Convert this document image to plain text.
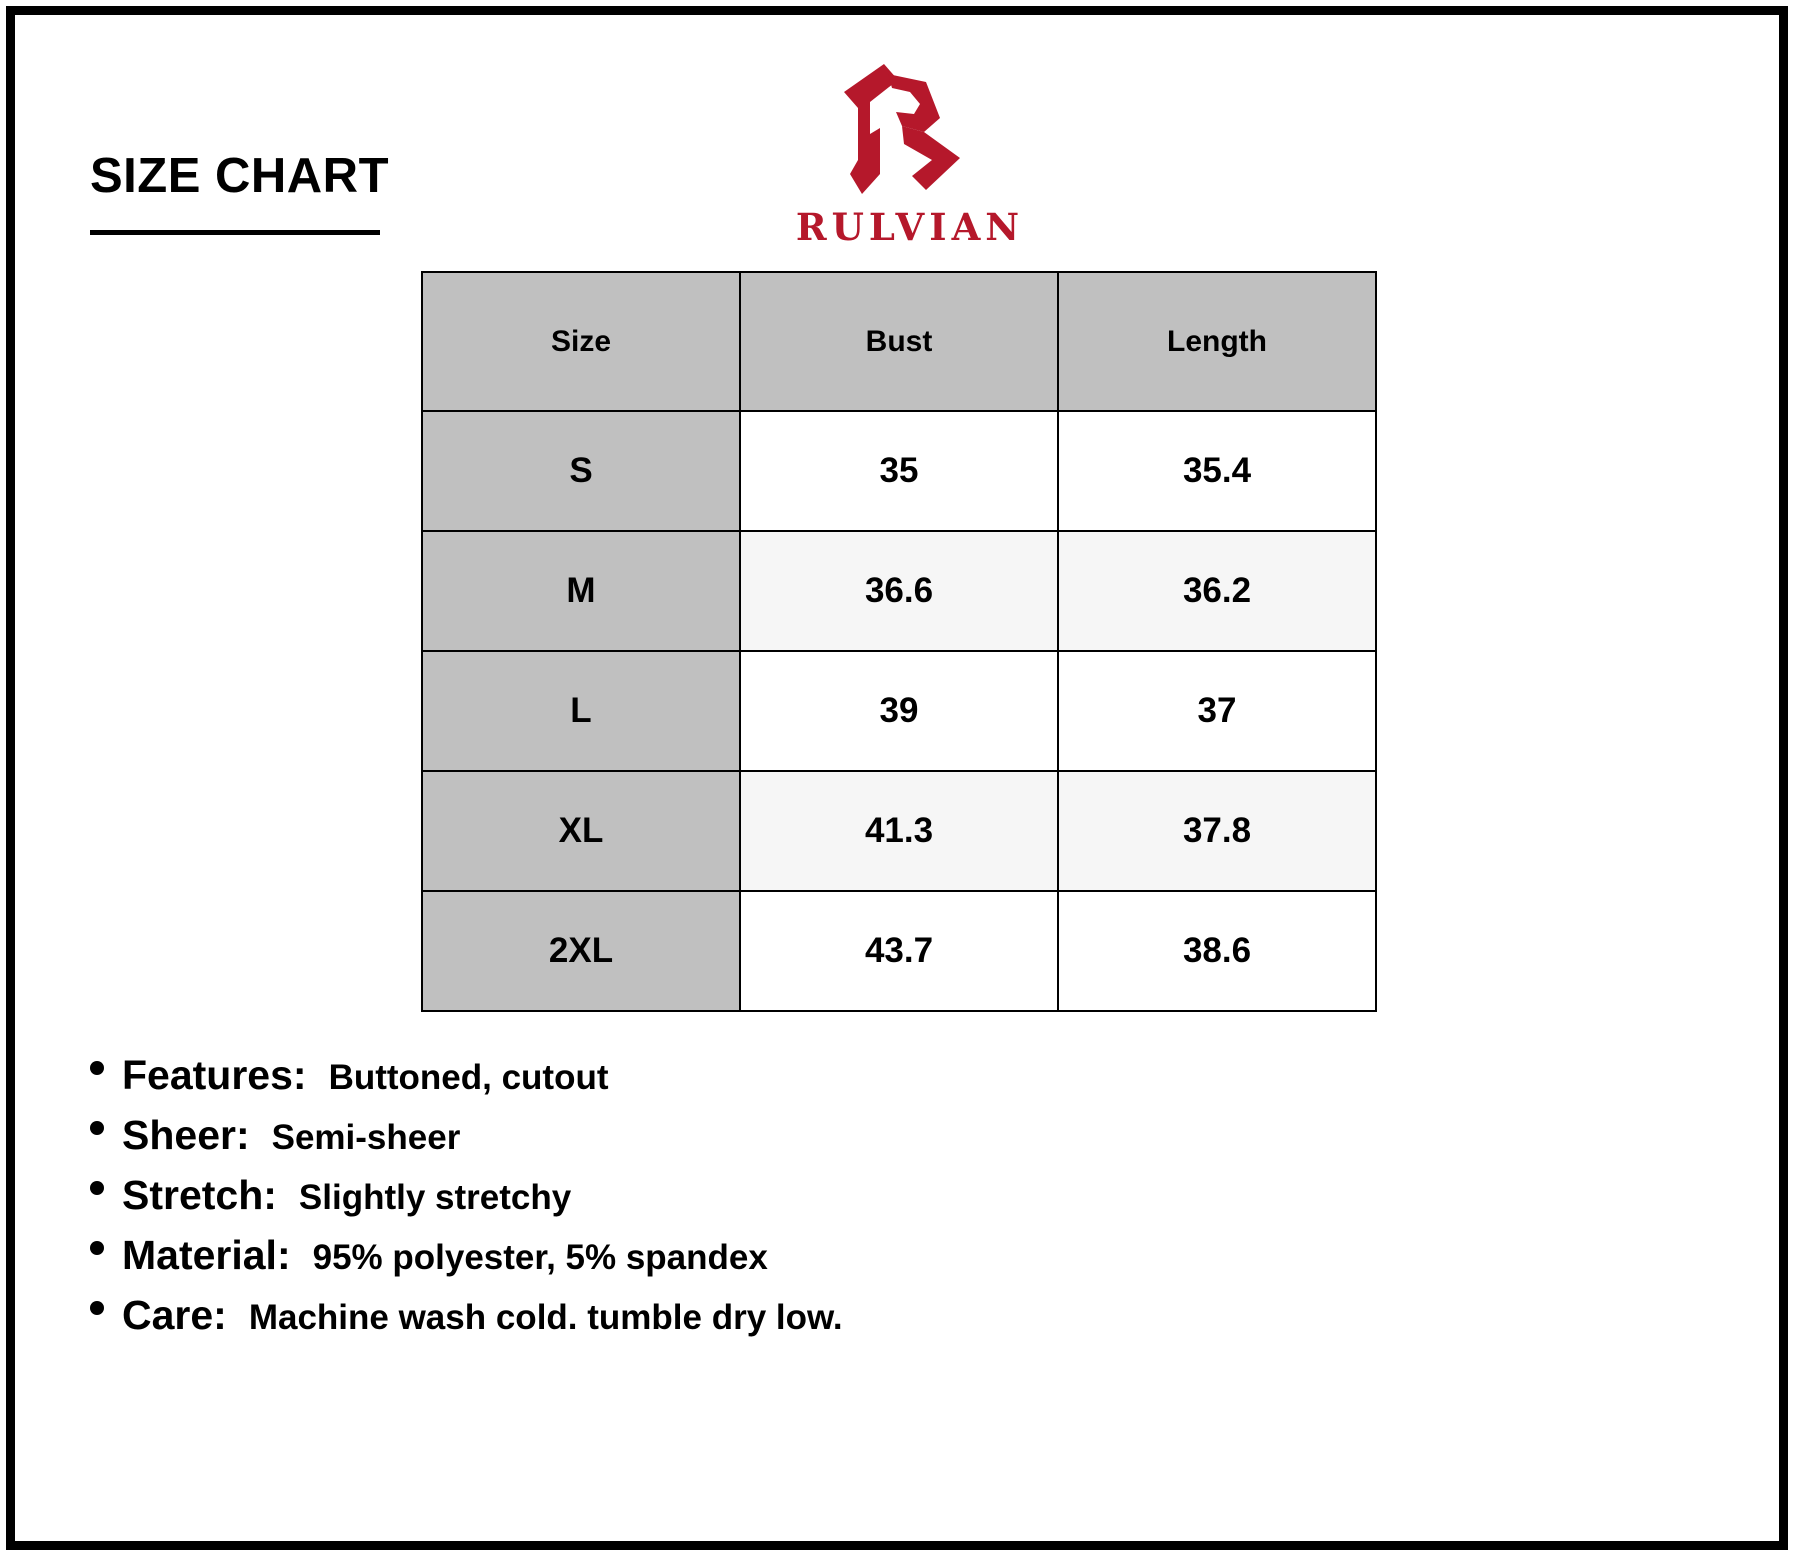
SIZE CHART
RULVIAN
Size	Bust	Length
S	35	35.4
M	36.6	36.2
L	39	37
XL	41.3	37.8
2XL	43.7	38.6
Features: Buttoned, cutout
Sheer: Semi-sheer
Stretch: Slightly stretchy
Material: 95% polyester, 5% spandex
Care: Machine wash cold. tumble dry low.
